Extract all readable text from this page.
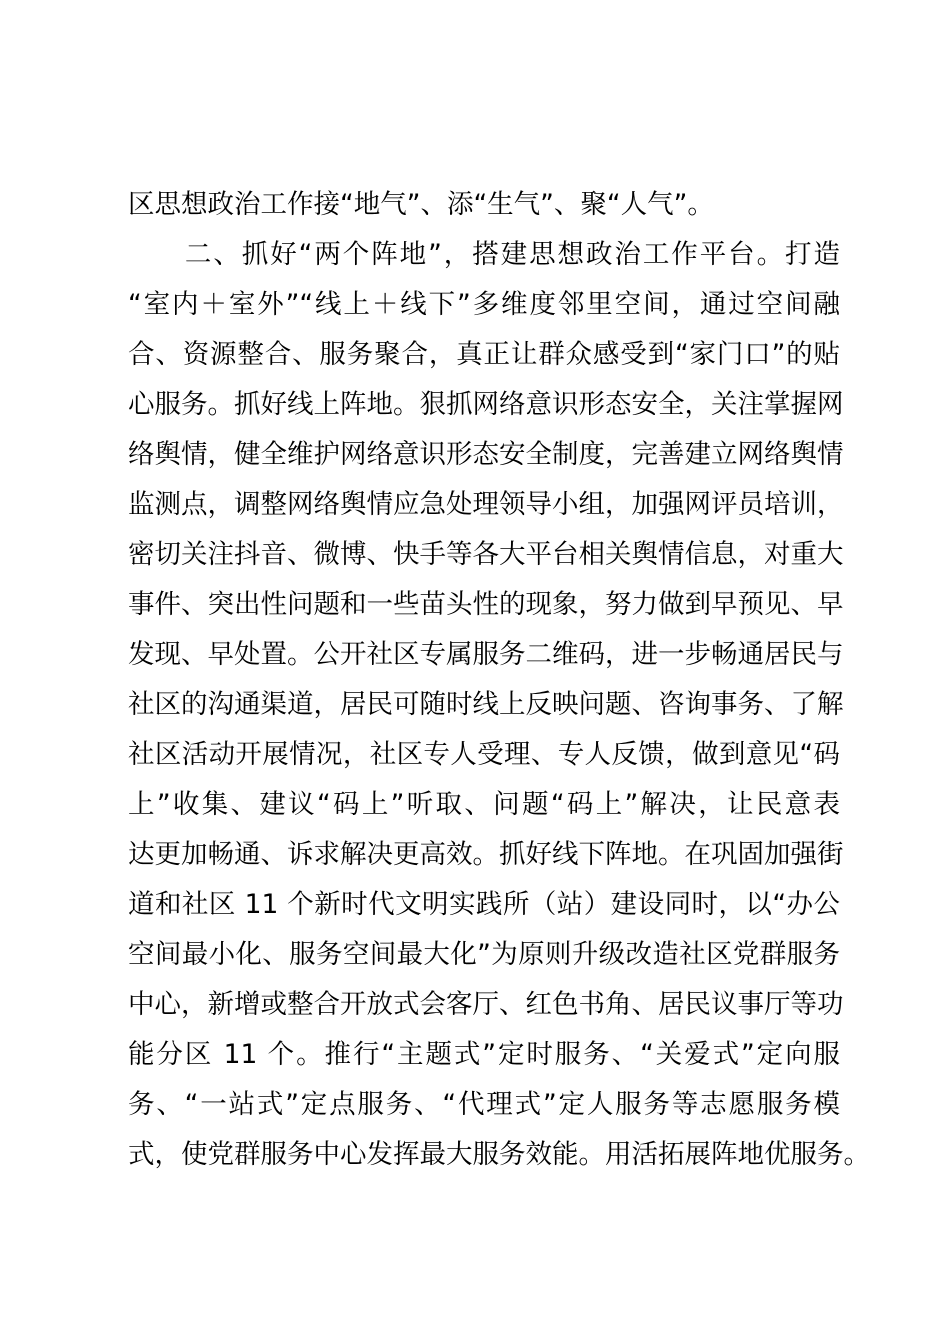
区思想政治工作接“地气”、添“生气”、聚“人气”。
　　二、抓好“两个阵地”，搭建思想政治工作平台。打造
“室内＋室外”“线上＋线下”多维度邻里空间，通过空间融
合、资源整合、服务聚合，真正让群众感受到“家门口”的贴
心服务。抓好线上阵地。狠抓网络意识形态安全，关注掌握网
络舆情，健全维护网络意识形态安全制度，完善建立网络舆情
监测点，调整网络舆情应急处理领导小组，加强网评员培训，
密切关注抖音、微博、快手等各大平台相关舆情信息，对重大
事件、突出性问题和一些苗头性的现象，努力做到早预见、早
发现、早处置。公开社区专属服务二维码，进一步畅通居民与
社区的沟通渠道，居民可随时线上反映问题、咨询事务、了解
社区活动开展情况，社区专人受理、专人反馈，做到意见“码
上”收集、建议“码上”听取、问题“码上”解决，让民意表
达更加畅通、诉求解决更高效。抓好线下阵地。在巩固加强街
道和社区 11 个新时代文明实践所（站）建设同时，以“办公
空间最小化、服务空间最大化”为原则升级改造社区党群服务
中心，新增或整合开放式会客厅、红色书角、居民议事厅等功
能分区 11 个。推行“主题式”定时服务、“关爱式”定向服
务、“一站式”定点服务、“代理式”定人服务等志愿服务模
式，使党群服务中心发挥最大服务效能。用活拓展阵地优服务。
